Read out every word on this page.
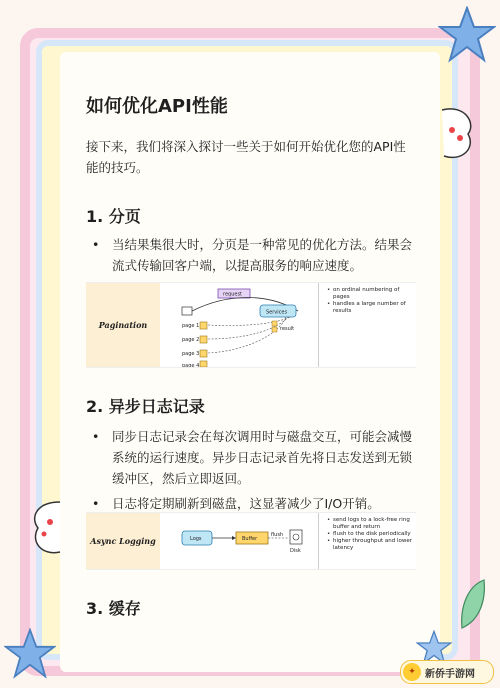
如何优化API性能

接下来，我们将深入探讨一些关于如何开始优化您的API性能的技巧。

1. 分页
• 当结果集很大时，分页是一种常见的优化方法。结果会流式传输回客户端，以提高服务的响应速度。
Pagination
request
Services
page 1
page 2
page 3
page 4
result
• on ordinal numbering of pages
• handles a large number of results
2. 异步日志记录
• 同步日志记录会在每次调用时与磁盘交互，可能会减慢系统的运行速度。异步日志记录首先将日志发送到无锁缓冲区，然后立即返回。
• 日志将定期刷新到磁盘，这显著减少了I/O开销。
Async Logging	Logs	Buffer
flush
Disk
• send logs to a lock-free ring buffer and return
• flush to the disk periodically
• higher throughput and lower latency
3. 缓存
✦ 新侨手游网
